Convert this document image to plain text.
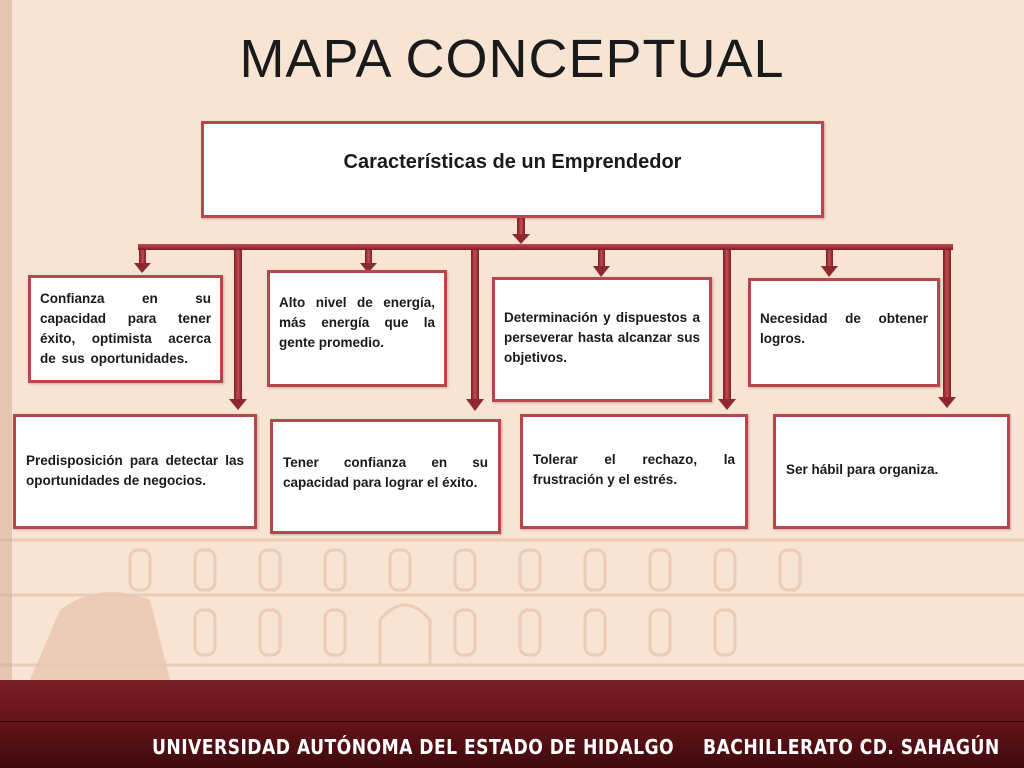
MAPA CONCEPTUAL
Características de un Emprendedor
Confianza en su capacidad para tener éxito, optimista acerca de sus oportunidades.
Alto nivel de energía, más energía que la gente promedio.
Determinación y dispuestos a perseverar hasta alcanzar sus objetivos.
Necesidad de obtener logros.
Predisposición para detectar las oportunidades de negocios.
Tener confianza en su capacidad para lograr el éxito.
Tolerar el rechazo, la frustración y el estrés.
Ser hábil para organiza.
UNIVERSIDAD AUTÓNOMA DEL ESTADO DE HIDALGO BACHILLERATO CD. SAHAGÚN
